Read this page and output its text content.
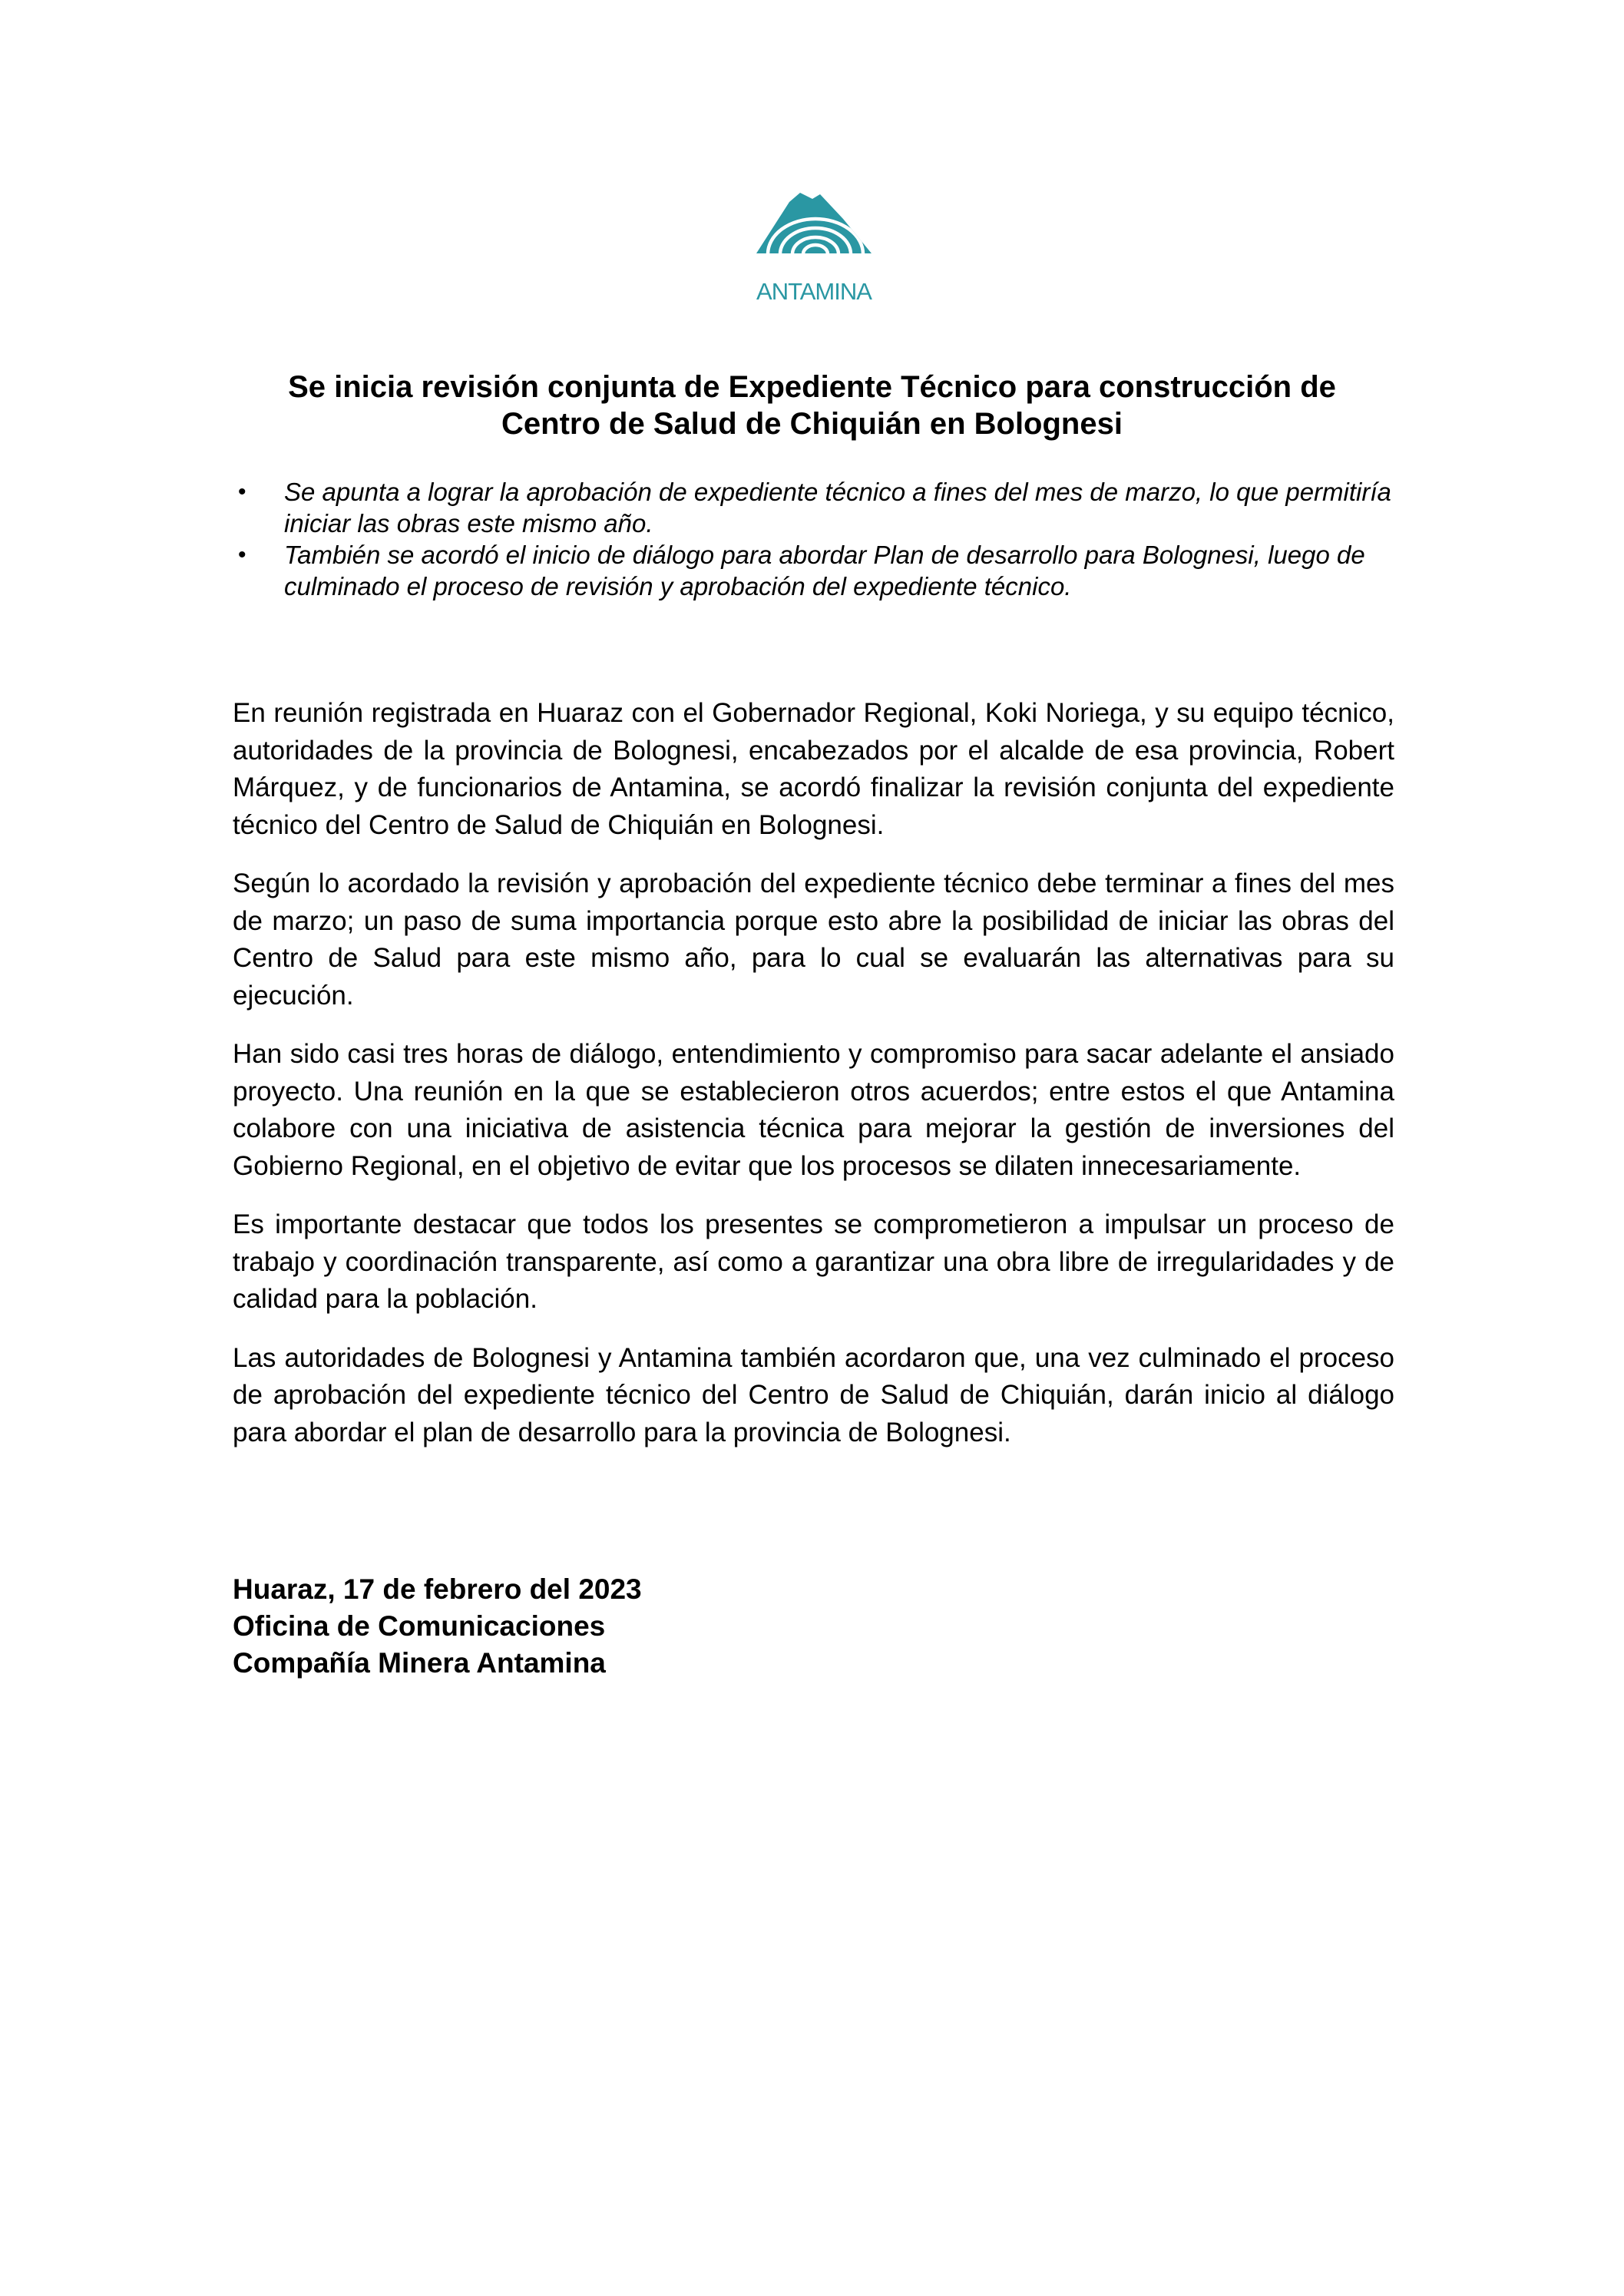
ANTAMINA
Se inicia revisión conjunta de Expediente Técnico para construcción de
Centro de Salud de Chiquián en Bolognesi
• Se apunta a lograr la aprobación de expediente técnico a fines del mes de marzo, lo que permitiría iniciar las obras este mismo año.
• También se acordó el inicio de diálogo para abordar Plan de desarrollo para Bolognesi, luego de culminado el proceso de revisión y aprobación del expediente técnico.

En reunión registrada en Huaraz con el Gobernador Regional, Koki Noriega, y su equipo técnico, autoridades de la provincia de Bolognesi, encabezados por el alcalde de esa provincia, Robert Márquez, y de funcionarios de Antamina, se acordó finalizar la revisión conjunta del expediente técnico del Centro de Salud de Chiquián en Bolognesi.

Según lo acordado la revisión y aprobación del expediente técnico debe terminar a fines del mes de marzo; un paso de suma importancia porque esto abre la posibilidad de iniciar las obras del Centro de Salud para este mismo año, para lo cual se evaluarán las alternativas para su ejecución.

Han sido casi tres horas de diálogo, entendimiento y compromiso para sacar adelante el ansiado proyecto. Una reunión en la que se establecieron otros acuerdos; entre estos el que Antamina colabore con una iniciativa de asistencia técnica para mejorar la gestión de inversiones del Gobierno Regional, en el objetivo de evitar que los procesos se dilaten innecesariamente.

Es importante destacar que todos los presentes se comprometieron a impulsar un proceso de trabajo y coordinación transparente, así como a garantizar una obra libre de irregularidades y de calidad para la población.

Las autoridades de Bolognesi y Antamina también acordaron que, una vez culminado el proceso de aprobación del expediente técnico del Centro de Salud de Chiquián, darán inicio al diálogo para abordar el plan de desarrollo para la provincia de Bolognesi.

Huaraz, 17 de febrero del 2023
Oficina de Comunicaciones
Compañía Minera Antamina
